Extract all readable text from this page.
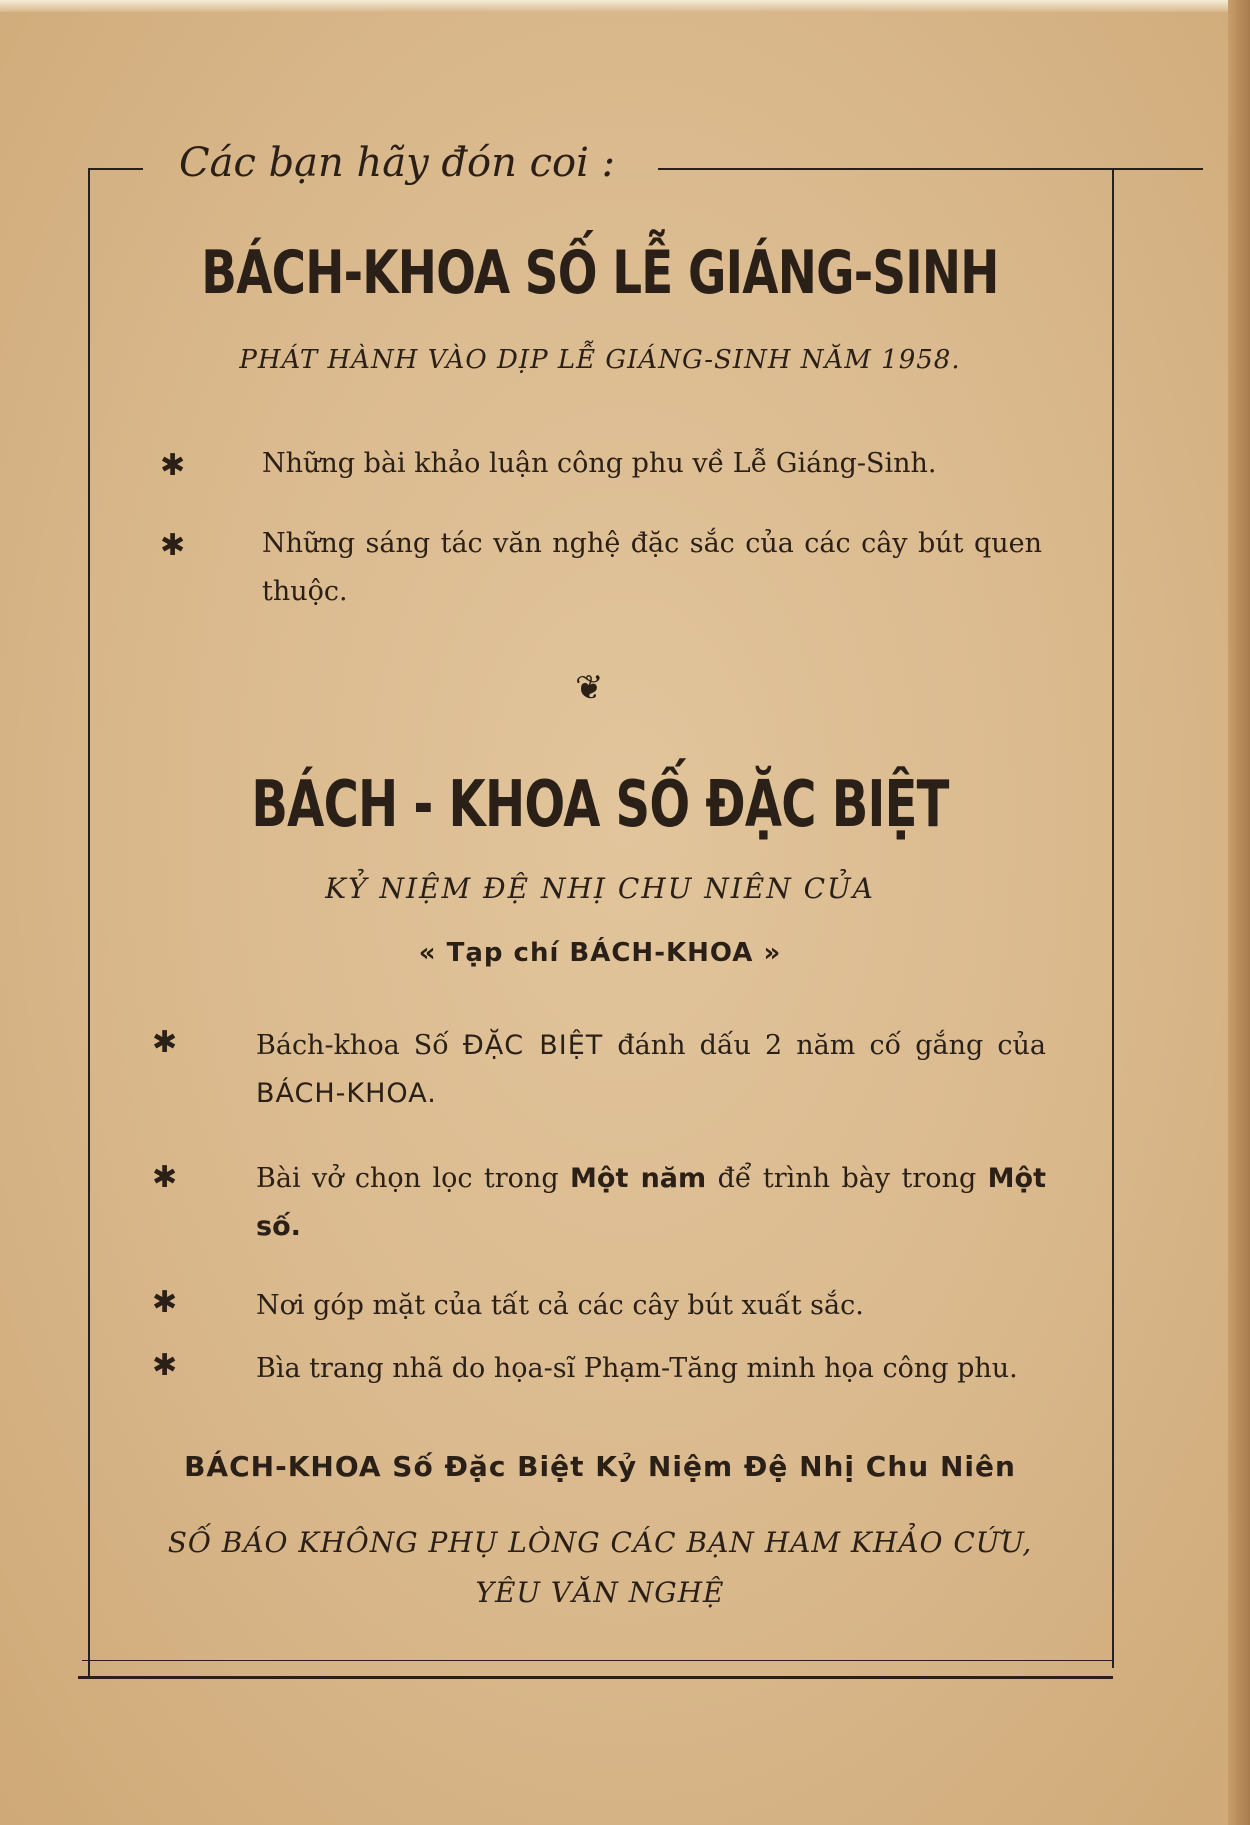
Các bạn hãy đón coi :
BÁCH-KHOA SỐ LỄ GIÁNG-SINH
PHÁT HÀNH VÀO DỊP LỄ GIÁNG-SINH NĂM 1958.
✱	Những bài khảo luận công phu về Lễ Giáng-Sinh.
✱	Những sáng tác văn nghệ đặc sắc của các cây bút quen thuộc.
❦
BÁCH - KHOA SỐ ĐẶC BIỆT
KỶ NIỆM ĐỆ NHỊ CHU NIÊN CỦA
« Tạp chí BÁCH-KHOA »
✱	Bách-khoa Số ĐẶC BIỆT đánh dấu 2 năm cố gắng của BÁCH-KHOA.
✱	Bài vở chọn lọc trong Một năm để trình bày trong Một số.
✱	Nơi góp mặt của tất cả các cây bút xuất sắc.
✱	Bìa trang nhã do họa-sĩ Phạm-Tăng minh họa công phu.
BÁCH-KHOA Số Đặc Biệt Kỷ Niệm Đệ Nhị Chu Niên
SỐ BÁO KHÔNG PHỤ LÒNG CÁC BẠN HAM KHẢO CỨU,
YÊU VĂN NGHỆ
